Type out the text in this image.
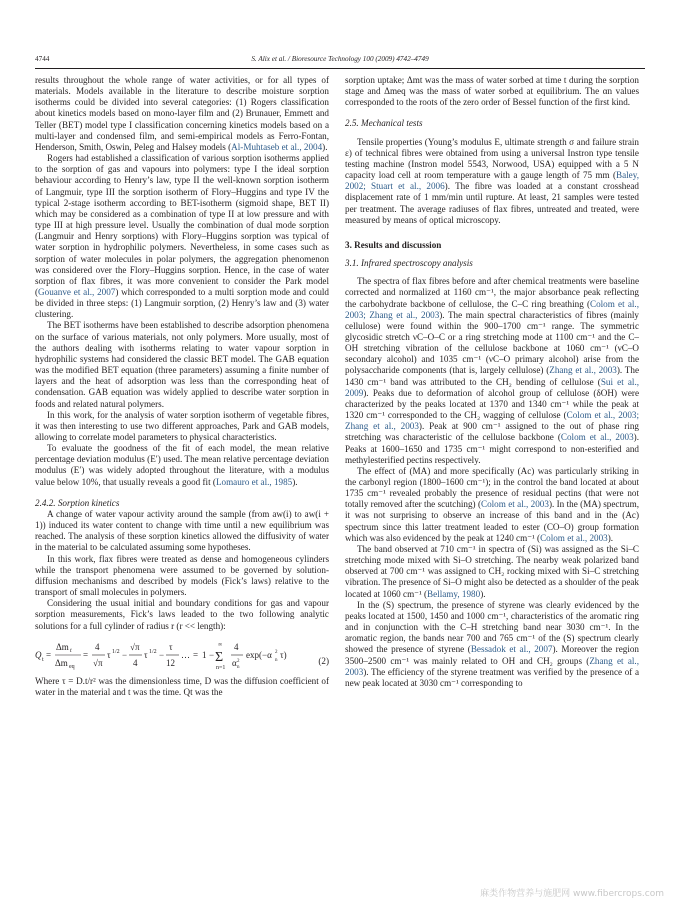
4744	S. Alix et al. / Bioresource Technology 100 (2009) 4742–4749

results throughout the whole range of water activities, or for all types of materials. Models available in the literature to describe moisture sorption isotherms could be divided into several categories: (1) Rogers classification about kinetics models based on mono-layer film and (2) Brunauer, Emmett and Teller (BET) model type I classification concerning kinetics models based on a multi-layer and condensed film, and semi-empirical models as Ferro-Fontan, Henderson, Smith, Oswin, Peleg and Halsey models (Al-Muhtaseb et al., 2004).

Rogers had established a classification of various sorption isotherms applied to the sorption of gas and vapours into polymers: type I the ideal sorption behaviour according to Henry’s law, type II the well-known sorption isotherm of Langmuir, type III the sorption isotherm of Flory–Huggins and type IV the typical 2-stage isotherm according to BET-isotherm (sigmoid shape, BET II) which may be considered as a combination of type II at low pressure and with type III at high pressure level. Usually the combination of dual mode sorption (Langmuir and Henry sorptions) with Flory–Huggins sorption was typical of water sorption in hydrophilic polymers. Nevertheless, in some cases such as sorption of water molecules in polar polymers, the aggregation phenomenon was considered over the Flory–Huggins sorption. Hence, in the case of water sorption of flax fibres, it was more convenient to consider the Park model (Gouanve et al., 2007) which corresponded to a multi sorption mode and could be divided in three steps: (1) Langmuir sorption, (2) Henry’s law and (3) water clustering.

The BET isotherms have been established to describe adsorption phenomena on the surface of various materials, not only polymers. More usually, most of the authors dealing with isotherms relating to water vapour sorption in hydrophilic systems had considered the classic BET model. The GAB equation was the modified BET equation (three parameters) assuming a finite number of layers and the heat of adsorption was less than the corresponding heat of condensation. GAB equation was widely applied to describe water sorption in foods and related natural polymers.

In this work, for the analysis of water sorption isotherm of vegetable fibres, it was then interesting to use two different approaches, Park and GAB models, allowing to correlate model parameters to physical characteristics.

To evaluate the goodness of the fit of each model, the mean relative percentage deviation modulus (E′) used. The mean relative percentage deviation modulus (E′) was widely adopted throughout the literature, with a modulus value below 10%, that usually reveals a good fit (Lomauro et al., 1985).

2.4.2. Sorption kinetics

A change of water vapour activity around the sample (from aw(i) to aw(i + 1)) induced its water content to change with time until a new equilibrium was reached. The analysis of these sorption kinetics allowed the diffusivity of water in the material to be calculated assuming some hypotheses.

In this work, flax fibres were treated as dense and homogeneous cylinders while the transport phenomena were assumed to be governed by solution-diffusion mechanisms and described by models (Fick’s laws) relative to the transport of small molecules in polymers.

Considering the usual initial and boundary conditions for gas and vapour sorption measurements, Fick’s laws leaded to the two following analytic solutions for a full cylinder of radius r (r << length):

Q t =
Δm t
Δm eq
=
4
√π
τ 1/2 −
√π
4
τ 1/2 −
τ
12
… = 1 −
∞
Σ
n=1
4
α 2
n
exp(−α 2
n
τ)
(2)

Where τ = D.t/r² was the dimensionless time, D was the diffusion coefficient of water in the material and t was the time. Qt was the

sorption uptake; Δmt was the mass of water sorbed at time t during the sorption stage and Δmeq was the mass of water sorbed at equilibrium. The αn values corresponded to the roots of the zero order of Bessel function of the first kind.

2.5. Mechanical tests

Tensile properties (Young’s modulus E, ultimate strength σ and failure strain ε) of technical fibres were obtained from using a universal Instron type tensile testing machine (Instron model 5543, Norwood, USA) equipped with a 5 N capacity load cell at room temperature with a gauge length of 75 mm (Baley, 2002; Stuart et al., 2006). The fibre was loaded at a constant crosshead displacement rate of 1 mm/min until rupture. At least, 21 samples were tested per treatment. The average radiuses of flax fibres, untreated and treated, were measured by means of optical microscopy.

3. Results and discussion
3.1. Infrared spectroscopy analysis

The spectra of flax fibres before and after chemical treatments were baseline corrected and normalized at 1160 cm⁻¹, the major absorbance peak reflecting the carbohydrate backbone of cellulose, the C–C ring breathing (Colom et al., 2003; Zhang et al., 2003). The main spectral characteristics of fibres (mainly cellulose) were found within the 900–1700 cm⁻¹ range. The symmetric glycosidic stretch νC–O–C or a ring stretching mode at 1100 cm⁻¹ and the C–OH stretching vibration of the cellulose backbone at 1060 cm⁻¹ (νC–O secondary alcohol) and 1035 cm⁻¹ (νC–O primary alcohol) arise from the polysaccharide components (that is, largely cellulose) (Zhang et al., 2003). The 1430 cm⁻¹ band was attributed to the CH₂ bending of cellulose (Sui et al., 2009). Peaks due to deformation of alcohol group of cellulose (δOH) were characterized by the peaks located at 1370 and 1340 cm⁻¹ while the peak at 1320 cm⁻¹ corresponded to the CH₂ wagging of cellulose (Colom et al., 2003; Zhang et al., 2003). Peak at 900 cm⁻¹ assigned to the out of phase ring stretching was characteristic of the cellulose backbone (Colom et al., 2003). Peaks at 1600–1650 and 1735 cm⁻¹ might correspond to non-esterified and methylesterified pectins respectively.

The effect of (MA) and more specifically (Ac) was particularly striking in the carbonyl region (1800–1600 cm⁻¹); in the control the band located at about 1735 cm⁻¹ revealed probably the presence of residual pectins (that were not totally removed after the scutching) (Colom et al., 2003). In the (MA) spectrum, it was not surprising to observe an increase of this band and in the (Ac) spectrum since this latter treatment leaded to ester (CO–O) group formation which was also evidenced by the peak at 1240 cm⁻¹ (Colom et al., 2003).

The band observed at 710 cm⁻¹ in spectra of (Si) was assigned as the Si–C stretching mode mixed with Si–O stretching. The nearby weak polarized band observed at 700 cm⁻¹ was assigned to CH₂ rocking mixed with Si–C stretching vibration. The presence of Si–O might also be detected as a shoulder of the peak located at 1060 cm⁻¹ (Bellamy, 1980).

In the (S) spectrum, the presence of styrene was clearly evidenced by the peaks located at 1500, 1450 and 1000 cm⁻¹, characteristics of the aromatic ring and in conjunction with the C–H stretching band near 3030 cm⁻¹. In the aromatic region, the bands near 700 and 765 cm⁻¹ of the (S) spectrum clearly showed the presence of styrene (Bessadok et al., 2007). Moreover the region 3500–2500 cm⁻¹ was mainly related to OH and CH₂ groups (Zhang et al., 2003). The efficiency of the styrene treatment was verified by the presence of a new peak located at 3030 cm⁻¹ corresponding to

麻类作物营养与施肥网 www.fibercrops.com
